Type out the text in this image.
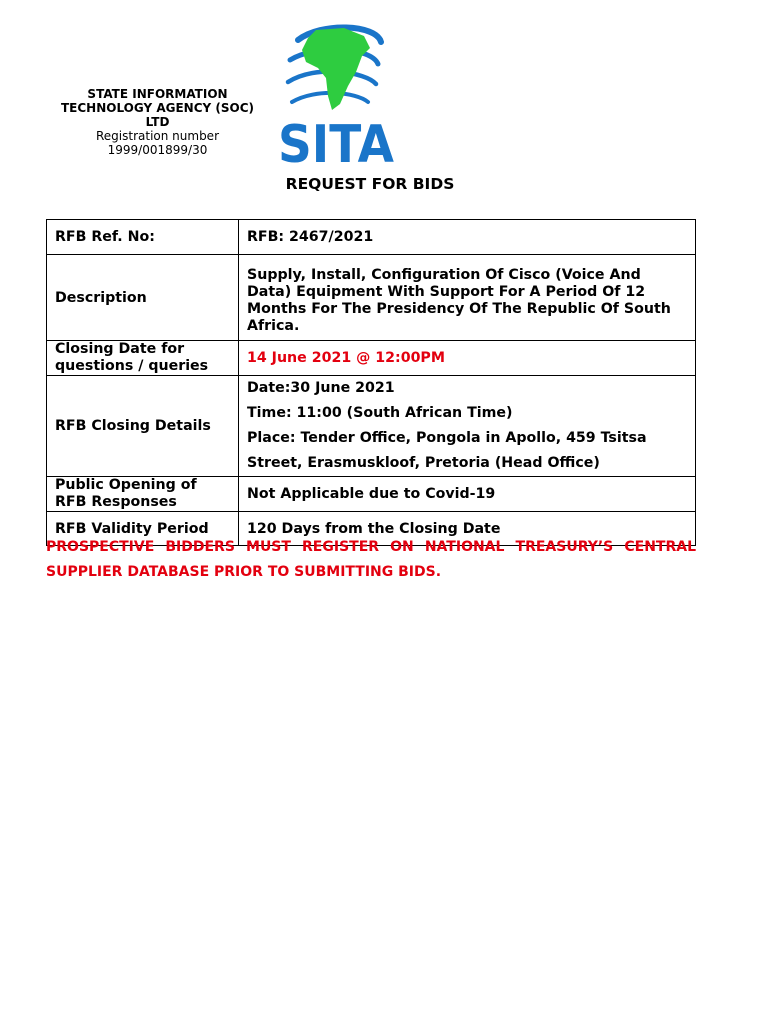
STATE INFORMATION
TECHNOLOGY AGENCY (SOC)
LTD
Registration number
1999/001899/30	SITA
REQUEST FOR BIDS
RFB Ref. No:	RFB: 2467/2021
Description	Supply, Install, Configuration Of Cisco (Voice And Data) Equipment With Support For A Period Of 12 Months For The Presidency Of The Republic Of South Africa.
Closing Date for questions / queries	14 June 2021 @ 12:00PM
RFB Closing Details	Date:30 June 2021
Time: 11:00 (South African Time)
Place: Tender Office, Pongola in Apollo, 459 Tsitsa Street, Erasmuskloof, Pretoria (Head Office)

Public Opening of RFB Responses	Not Applicable due to Covid-19
RFB Validity Period	120 Days from the Closing Date
PROSPECTIVE BIDDERS MUST REGISTER ON NATIONAL TREASURY’S CENTRAL SUPPLIER DATABASE PRIOR TO SUBMITTING BIDS.
